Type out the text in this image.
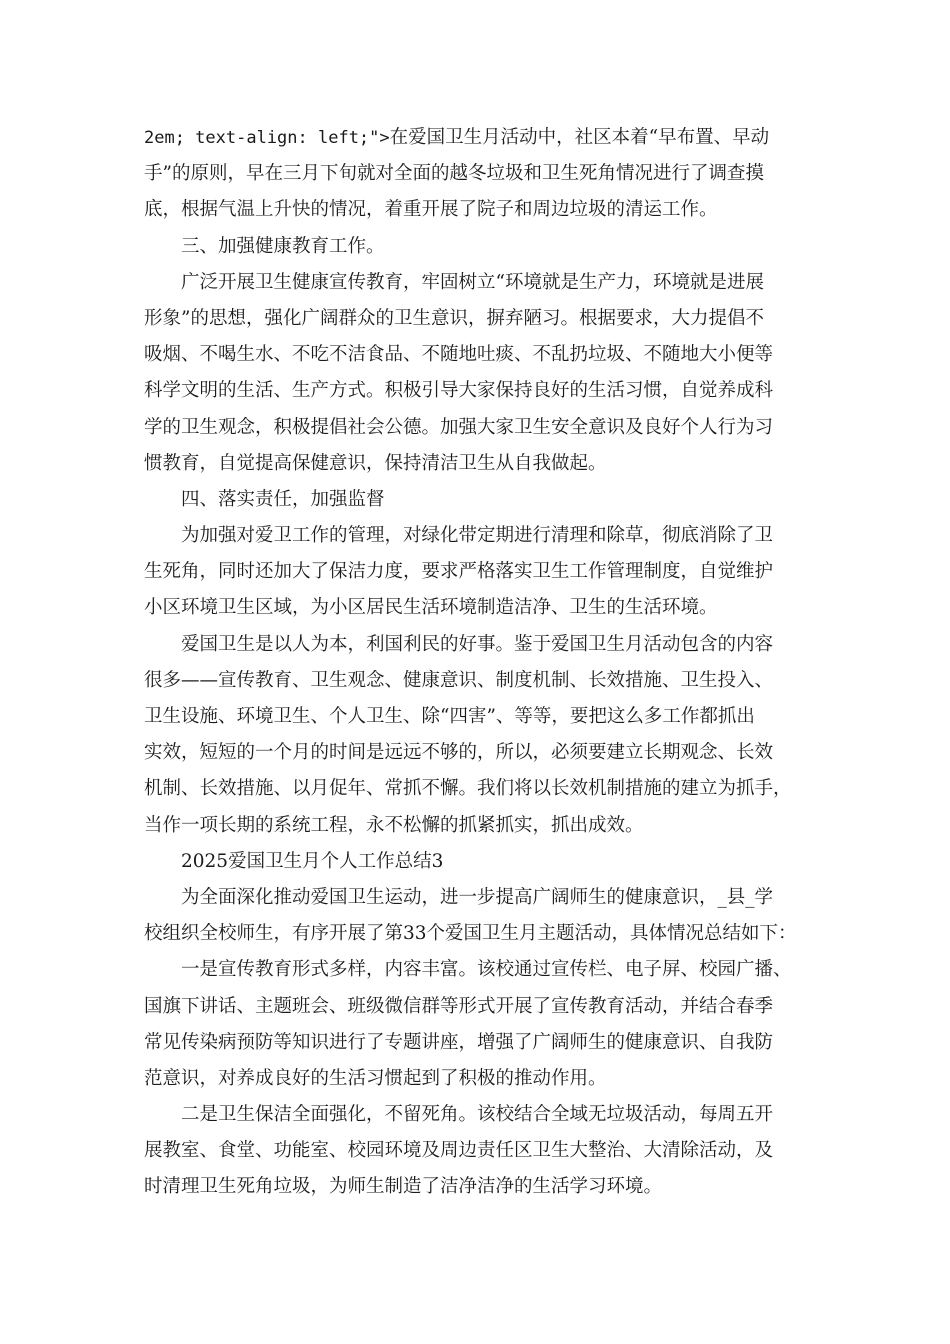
2em; text-align: left;">在爱国卫生月活动中，社区本着“早布置、早动
手”的原则，早在三月下旬就对全面的越冬垃圾和卫生死角情况进行了调查摸
底，根据气温上升快的情况，着重开展了院子和周边垃圾的清运工作。
三、加强健康教育工作。
广泛开展卫生健康宣传教育，牢固树立“环境就是生产力，环境就是进展
形象”的思想，强化广阔群众的卫生意识，摒弃陋习。根据要求，大力提倡不
吸烟、不喝生水、不吃不洁食品、不随地吐痰、不乱扔垃圾、不随地大小便等
科学文明的生活、生产方式。积极引导大家保持良好的生活习惯，自觉养成科
学的卫生观念，积极提倡社会公德。加强大家卫生安全意识及良好个人行为习
惯教育，自觉提高保健意识，保持清洁卫生从自我做起。
四、落实责任，加强监督
为加强对爱卫工作的管理，对绿化带定期进行清理和除草，彻底消除了卫
生死角，同时还加大了保洁力度，要求严格落实卫生工作管理制度，自觉维护
小区环境卫生区域，为小区居民生活环境制造洁净、卫生的生活环境。
爱国卫生是以人为本，利国利民的好事。鉴于爱国卫生月活动包含的内容
很多——宣传教育、卫生观念、健康意识、制度机制、长效措施、卫生投入、
卫生设施、环境卫生、个人卫生、除“四害”、等等，要把这么多工作都抓出
实效，短短的一个月的时间是远远不够的，所以，必须要建立长期观念、长效
机制、长效措施、以月促年、常抓不懈。我们将以长效机制措施的建立为抓手，
当作一项长期的系统工程，永不松懈的抓紧抓实，抓出成效。
2025爱国卫生月个人工作总结3
为全面深化推动爱国卫生运动，进一步提高广阔师生的健康意识，_县_学
校组织全校师生，有序开展了第33个爱国卫生月主题活动，具体情况总结如下：
一是宣传教育形式多样，内容丰富。该校通过宣传栏、电子屏、校园广播、
国旗下讲话、主题班会、班级微信群等形式开展了宣传教育活动，并结合春季
常见传染病预防等知识进行了专题讲座，增强了广阔师生的健康意识、自我防
范意识，对养成良好的生活习惯起到了积极的推动作用。
二是卫生保洁全面强化，不留死角。该校结合全域无垃圾活动，每周五开
展教室、食堂、功能室、校园环境及周边责任区卫生大整治、大清除活动，及
时清理卫生死角垃圾，为师生制造了洁净洁净的生活学习环境。
